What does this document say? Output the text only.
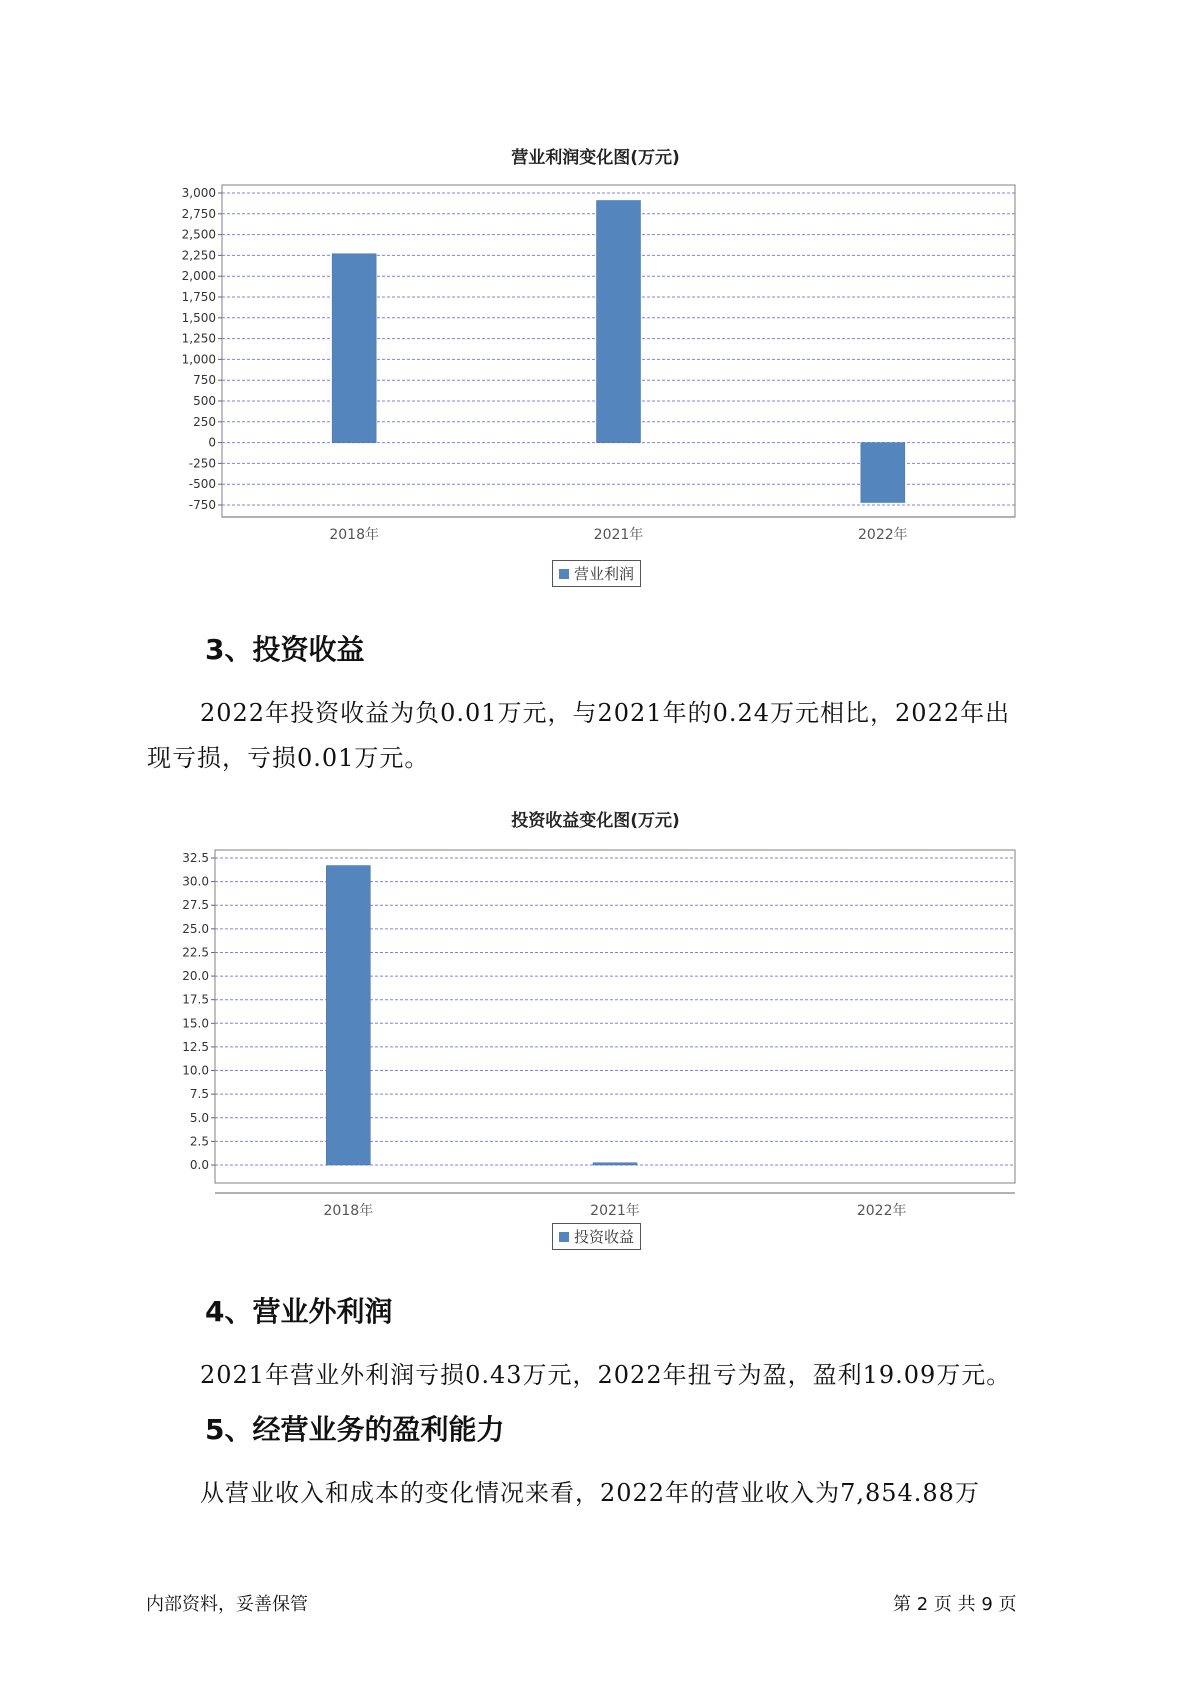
营业利润变化图(万元)
3,000
2,750
2,500
2,250
2,000
1,750
1,500
1,250
1,000
750
500
250
0
-250
-500
-750
2018年	2021年	2022年
营业利润
3、投资收益
2022年投资收益为负0.01万元，与2021年的0.24万元相比，2022年出
现亏损，亏损0.01万元。
投资收益变化图(万元)
32.5
30.0
27.5
25.0
22.5
20.0
17.5
15.0
12.5
10.0
7.5
5.0
2.5
0.0
2018年	2021年	2022年
投资收益
4、营业外利润
2021年营业外利润亏损0.43万元，2022年扭亏为盈，盈利19.09万元。
5、经营业务的盈利能力
从营业收入和成本的变化情况来看，2022年的营业收入为7,854.88万
内部资料，妥善保管	第 2 页 共 9 页
